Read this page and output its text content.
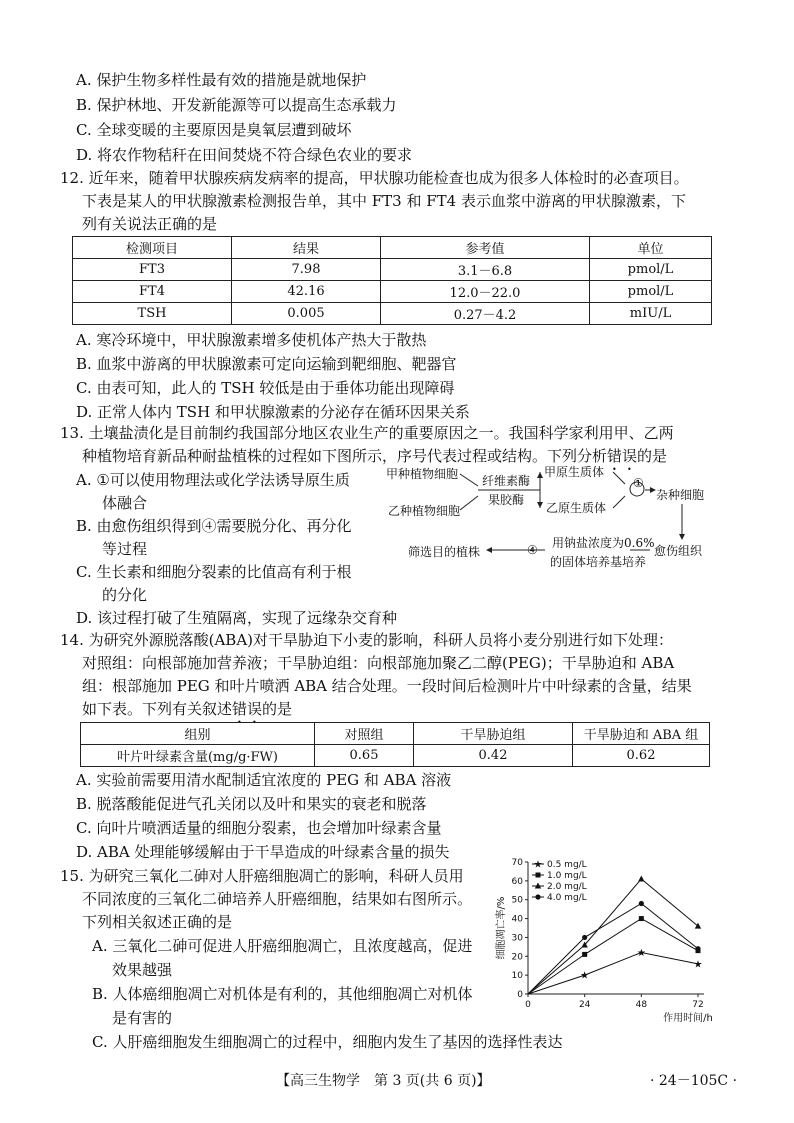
A. 保护生物多样性最有效的措施是就地保护
B. 保护林地、开发新能源等可以提高生态承载力
C. 全球变暖的主要原因是臭氧层遭到破坏
D. 将农作物秸秆在田间焚烧不符合绿色农业的要求
12. 近年来，随着甲状腺疾病发病率的提高，甲状腺功能检查也成为很多人体检时的必查项目。
下表是某人的甲状腺激素检测报告单，其中 FT3 和 FT4 表示血浆中游离的甲状腺激素，下
列有关说法正确的是
检测项目	结果	参考值	单位
FT3	7.98	3.1－6.8	pmol/L
FT4	42.16	12.0－22.0	pmol/L
TSH	0.005	0.27－4.2	mIU/L
A. 寒冷环境中，甲状腺激素增多使机体产热大于散热
B. 血浆中游离的甲状腺激素可定向运输到靶细胞、靶器官
C. 由表可知，此人的 TSH 较低是由于垂体功能出现障碍
D. 正常人体内 TSH 和甲状腺激素的分泌存在循环因果关系
13. 土壤盐渍化是目前制约我国部分地区农业生产的重要原因之一。我国科学家利用甲、乙两
种植物培育新品种耐盐植株的过程如下图所示，序号代表过程或结构。下列分析错误的是
A. ①可以使用物理法或化学法诱导原生质
体融合
B. 由愈伤组织得到④需要脱分化、再分化
等过程
C. 生长素和细胞分裂素的比值高有利于根
的分化
D. 该过程打破了生殖隔离，实现了远缘杂交育种
甲种植物细胞
乙种植物细胞
纤维素酶
果胶酶
甲原生质体
乙原生质体
①
杂种细胞
愈伤组织
用钠盐浓度为0.6%
的固体培养基培养
④
筛选目的植株
14. 为研究外源脱落酸(ABA)对干旱胁迫下小麦的影响，科研人员将小麦分别进行如下处理：
对照组：向根部施加营养液；干旱胁迫组：向根部施加聚乙二醇(PEG)；干旱胁迫和 ABA
组：根部施加 PEG 和叶片喷洒 ABA 结合处理。一段时间后检测叶片中叶绿素的含量，结果
如下表。下列有关叙述错误的是
组别	对照组	干旱胁迫组	干旱胁迫和 ABA 组
叶片叶绿素含量(mg/g·FW)	0.65	0.42	0.62
A. 实验前需要用清水配制适宜浓度的 PEG 和 ABA 溶液
B. 脱落酸能促进气孔关闭以及叶和果实的衰老和脱落
C. 向叶片喷洒适量的细胞分裂素，也会增加叶绿素含量
D. ABA 处理能够缓解由于干旱造成的叶绿素含量的损失
15. 为研究三氧化二砷对人肝癌细胞凋亡的影响，科研人员用
不同浓度的三氧化二砷培养人肝癌细胞，结果如右图所示。
下列相关叙述正确的是
A. 三氧化二砷可促进人肝癌细胞凋亡，且浓度越高，促进
效果越强
B. 人体癌细胞凋亡对机体是有利的，其他细胞凋亡对机体
是有害的
C. 人肝癌细胞发生细胞凋亡的过程中，细胞内发生了基因的选择性表达
0
10
20
30
40
50
60
70
0	24	48	72
作用时间/h
细胞凋亡率/%
★
★
★
★ 0.5 mg/L
1.0 mg/L
2.0 mg/L
4.0 mg/L
【高三生物学　第 3 页(共 6 页)】	· 24－105C ·
